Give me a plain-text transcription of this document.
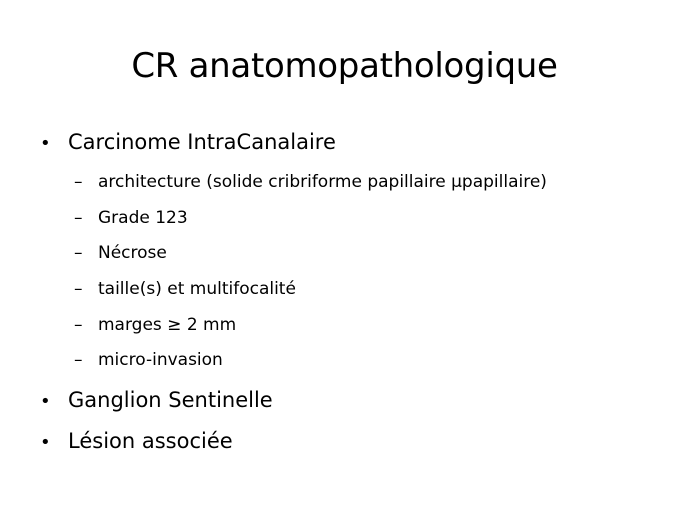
CR anatomopathologique
• Carcinome IntraCanalaire
– architecture (solide cribriforme papillaire µpapillaire)
– Grade 123
– Nécrose
– taille(s) et multifocalité
– marges ≥ 2 mm
– micro-invasion
• Ganglion Sentinelle
• Lésion associée
